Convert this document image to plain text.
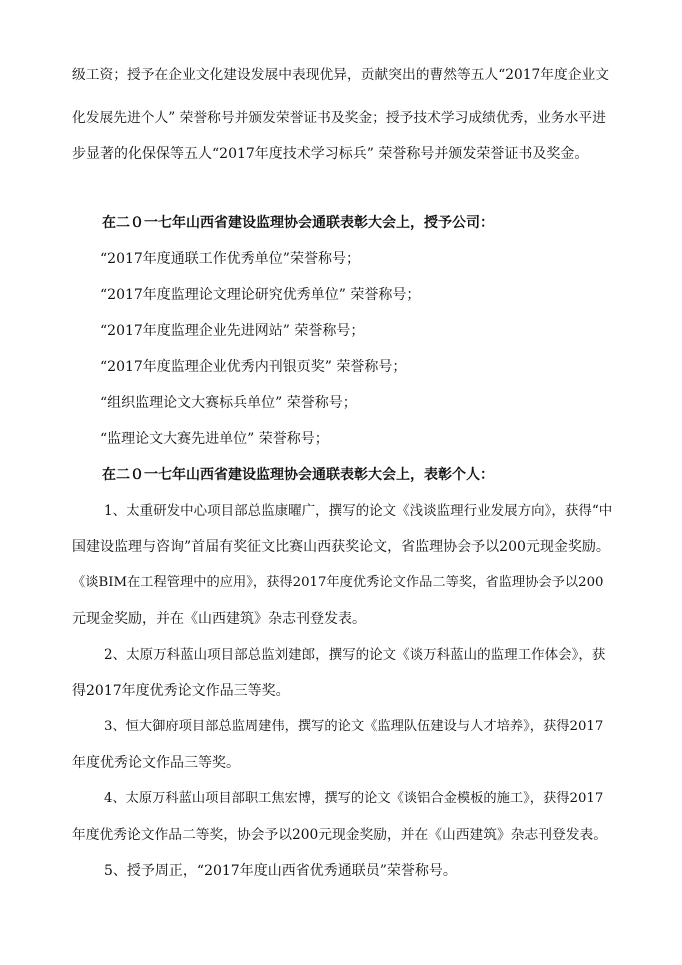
级工资；授予在企业文化建设发展中表现优异，贡献突出的曹然等五人“2017年度企业文
化发展先进个人” 荣誉称号并颁发荣誉证书及奖金；授予技术学习成绩优秀，业务水平进
步显著的化保保等五人“2017年度技术学习标兵” 荣誉称号并颁发荣誉证书及奖金。
在二０一七年山西省建设监理协会通联表彰大会上，授予公司：
“2017年度通联工作优秀单位”荣誉称号；
“2017年度监理论文理论研究优秀单位” 荣誉称号；
“2017年度监理企业先进网站” 荣誉称号；
“2017年度监理企业优秀内刊银页奖” 荣誉称号；
“组织监理论文大赛标兵单位” 荣誉称号；
“监理论文大赛先进单位” 荣誉称号；
在二０一七年山西省建设监理协会通联表彰大会上，表彰个人：
1、太重研发中心项目部总监康曜广，撰写的论文《浅谈监理行业发展方向》，获得“中
国建设监理与咨询”首届有奖征文比赛山西获奖论文，省监理协会予以200元现金奖励。
《谈BIM在工程管理中的应用》，获得2017年度优秀论文作品二等奖，省监理协会予以200
元现金奖励，并在《山西建筑》杂志刊登发表。
2、太原万科蓝山项目部总监刘建郎，撰写的论文《谈万科蓝山的监理工作体会》，获
得2017年度优秀论文作品三等奖。
3、恒大御府项目部总监周建伟，撰写的论文《监理队伍建设与人才培养》，获得2017
年度优秀论文作品三等奖。
4、太原万科蓝山项目部职工焦宏博，撰写的论文《谈铝合金模板的施工》，获得2017
年度优秀论文作品二等奖，协会予以200元现金奖励，并在《山西建筑》杂志刊登发表。
5、授予周正，“2017年度山西省优秀通联员”荣誉称号。
